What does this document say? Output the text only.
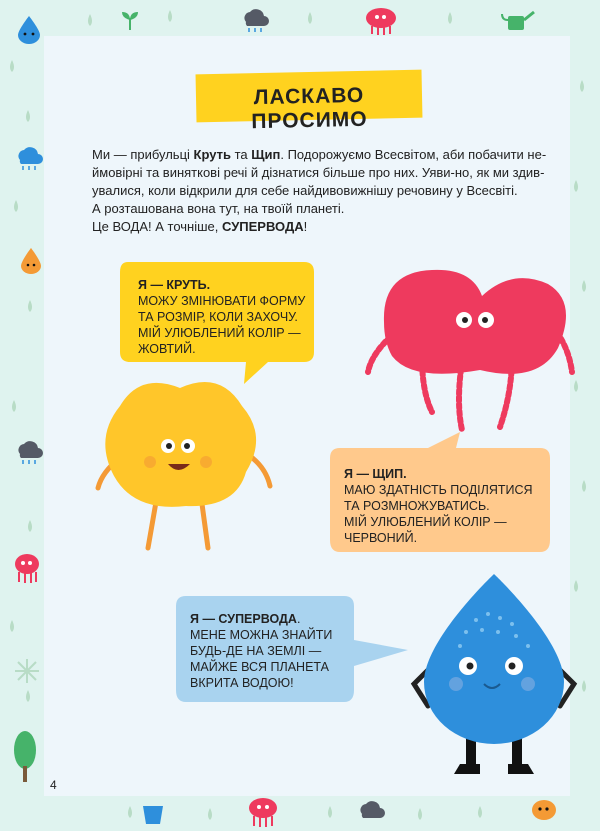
ЛАСКАВО ПРОСИМО

Ми — прибульці Круть та Щип. Подорожуємо Всесвітом, аби побачити не-

ймовірні та виняткові речі й дізнатися більше про них. Уяви-но, як ми здив-

увалися, коли відкрили для себе найдивовижнішу речовину у Всесвіті.

А розташована вона тут, на твоїй планеті.

Це ВОДА! А точніше, СУПЕРВОДА!

Я — КРУТЬ.
МОЖУ ЗМІНЮВАТИ ФОРМУ
ТА РОЗМІР, КОЛИ ЗАХОЧУ.
МІЙ УЛЮБЛЕНИЙ КОЛІР —
ЖОВТИЙ.
Я — ЩИП.
МАЮ ЗДАТНІСТЬ ПОДІЛЯТИСЯ
ТА РОЗМНОЖУВАТИСЬ.
МІЙ УЛЮБЛЕНИЙ КОЛІР —
ЧЕРВОНИЙ.
Я — СУПЕРВОДА.
МЕНЕ МОЖНА ЗНАЙТИ
БУДЬ-ДЕ НА ЗЕМЛІ —
МАЙЖЕ ВСЯ ПЛАНЕТА
ВКРИТА ВОДОЮ!
4
